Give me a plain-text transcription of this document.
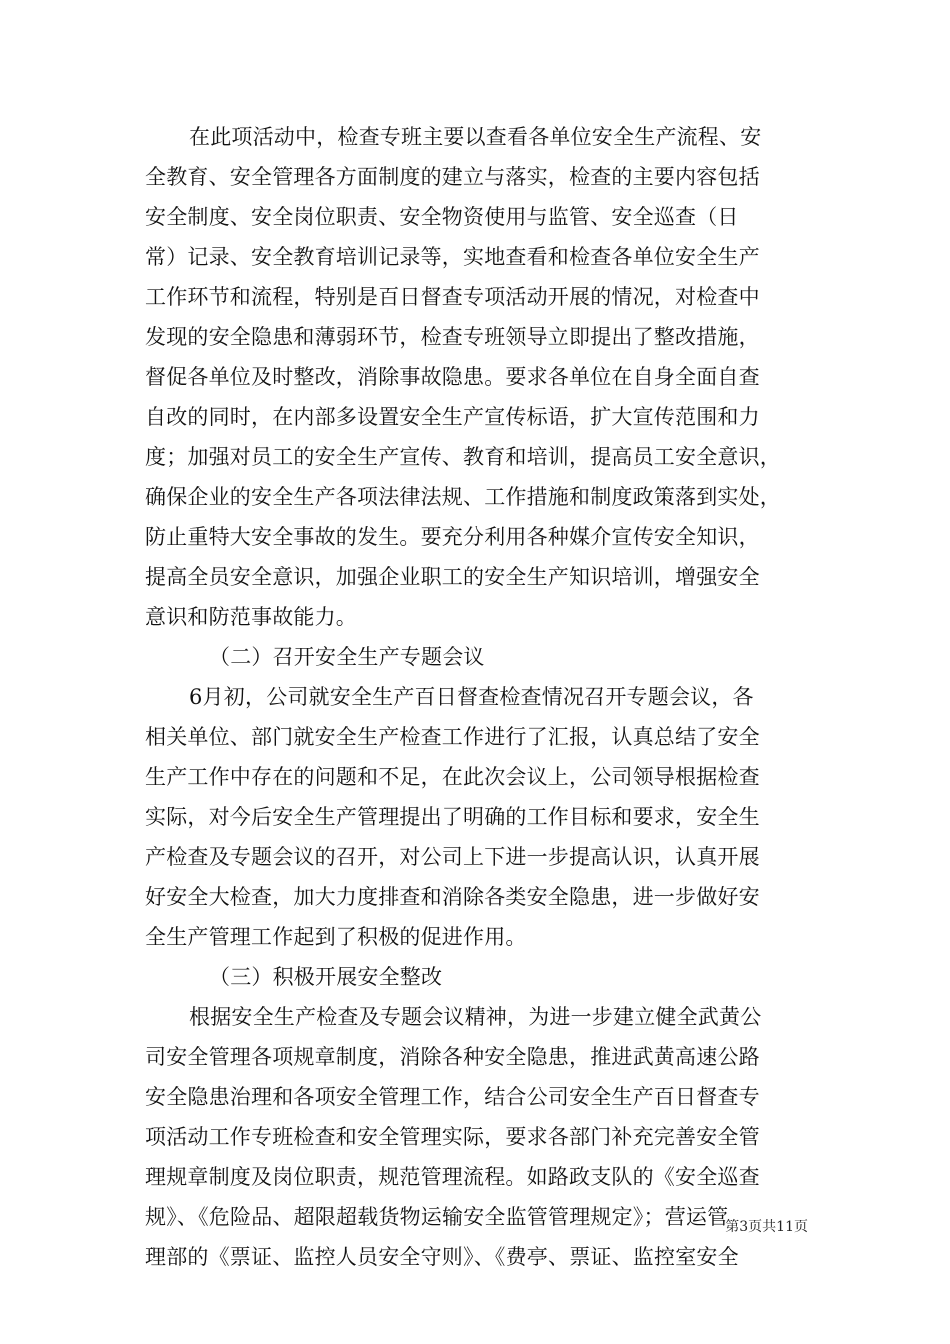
在此项活动中，检查专班主要以查看各单位安全生产流程、安
全教育、安全管理各方面制度的建立与落实，检查的主要内容包括
安全制度、安全岗位职责、安全物资使用与监管、安全巡查（日
常）记录、安全教育培训记录等，实地查看和检查各单位安全生产
工作环节和流程，特别是百日督查专项活动开展的情况，对检查中
发现的安全隐患和薄弱环节，检查专班领导立即提出了整改措施，
督促各单位及时整改，消除事故隐患。要求各单位在自身全面自查
自改的同时，在内部多设置安全生产宣传标语，扩大宣传范围和力
度；加强对员工的安全生产宣传、教育和培训，提高员工安全意识，
确保企业的安全生产各项法律法规、工作措施和制度政策落到实处，
防止重特大安全事故的发生。要充分利用各种媒介宣传安全知识，
提高全员安全意识，加强企业职工的安全生产知识培训，增强安全
意识和防范事故能力。
（二）召开安全生产专题会议
6月初，公司就安全生产百日督查检查情况召开专题会议，各
相关单位、部门就安全生产检查工作进行了汇报，认真总结了安全
生产工作中存在的问题和不足，在此次会议上，公司领导根据检查
实际，对今后安全生产管理提出了明确的工作目标和要求，安全生
产检查及专题会议的召开，对公司上下进一步提高认识，认真开展
好安全大检查，加大力度排查和消除各类安全隐患，进一步做好安
全生产管理工作起到了积极的促进作用。
（三）积极开展安全整改
根据安全生产检查及专题会议精神，为进一步建立健全武黄公
司安全管理各项规章制度，消除各种安全隐患，推进武黄高速公路
安全隐患治理和各项安全管理工作，结合公司安全生产百日督查专
项活动工作专班检查和安全管理实际，要求各部门补充完善安全管
理规章制度及岗位职责，规范管理流程。如路政支队的《安全巡查
规》、《危险品、超限超载货物运输安全监管管理规定》；营运管
理部的《票证、监控人员安全守则》、《费亭、票证、监控室安全
第3页共11页
